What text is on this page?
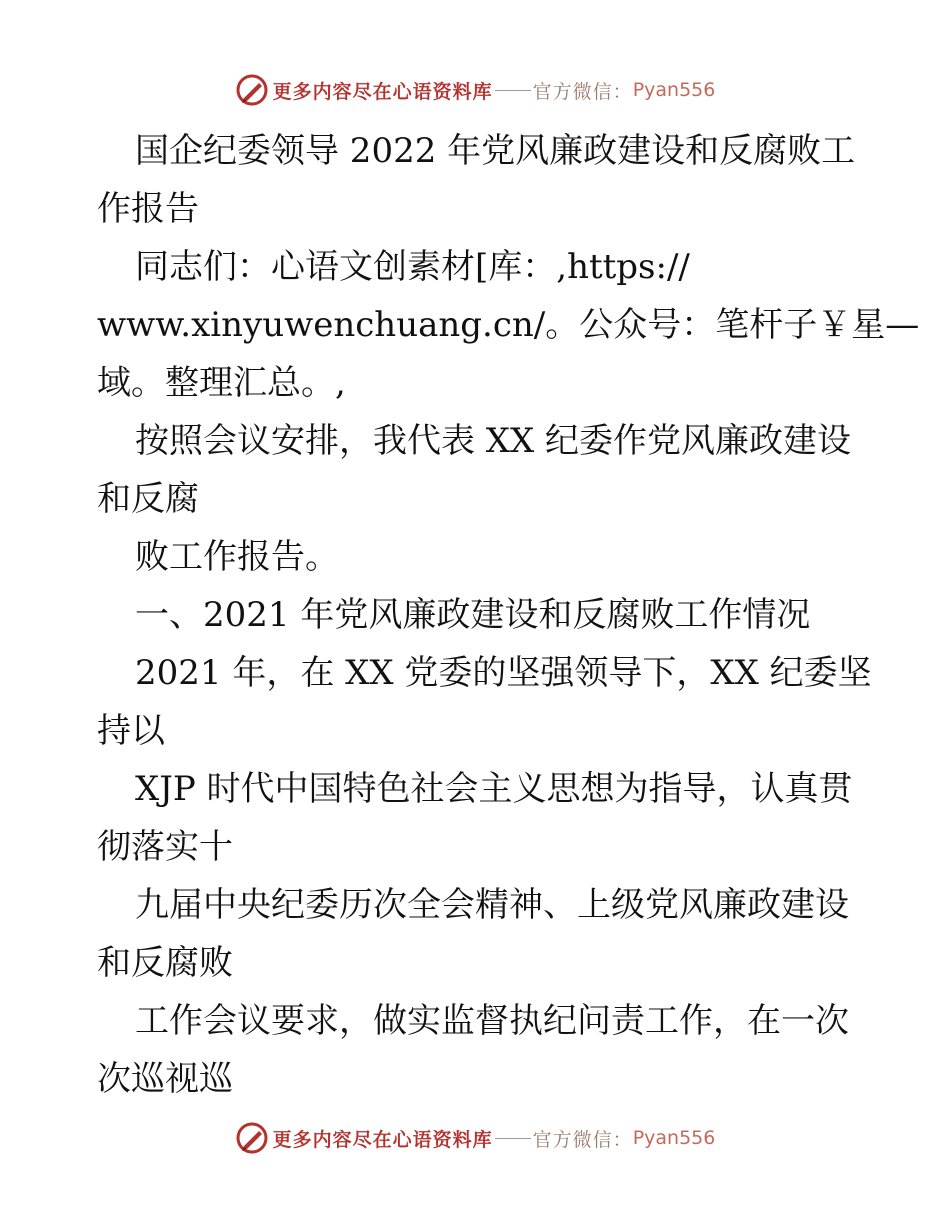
更多内容尽在心语资料库 官方微信： Pyan556
国企纪委领导 2022 年党风廉政建设和反腐败工
作报告
同志们：心语文创素材[库：,https://
www.xinyuwenchuang.cn/。公众号：笔杆子￥星—
域。整理汇总。,
按照会议安排，我代表 XX 纪委作党风廉政建设
和反腐
败工作报告。
一、2021 年党风廉政建设和反腐败工作情况
2021 年，在 XX 党委的坚强领导下，XX 纪委坚
持以
XJP 时代中国特色社会主义思想为指导，认真贯
彻落实十
九届中央纪委历次全会精神、上级党风廉政建设
和反腐败
工作会议要求，做实监督执纪问责工作，在一次
次巡视巡
更多内容尽在心语资料库 官方微信： Pyan556
